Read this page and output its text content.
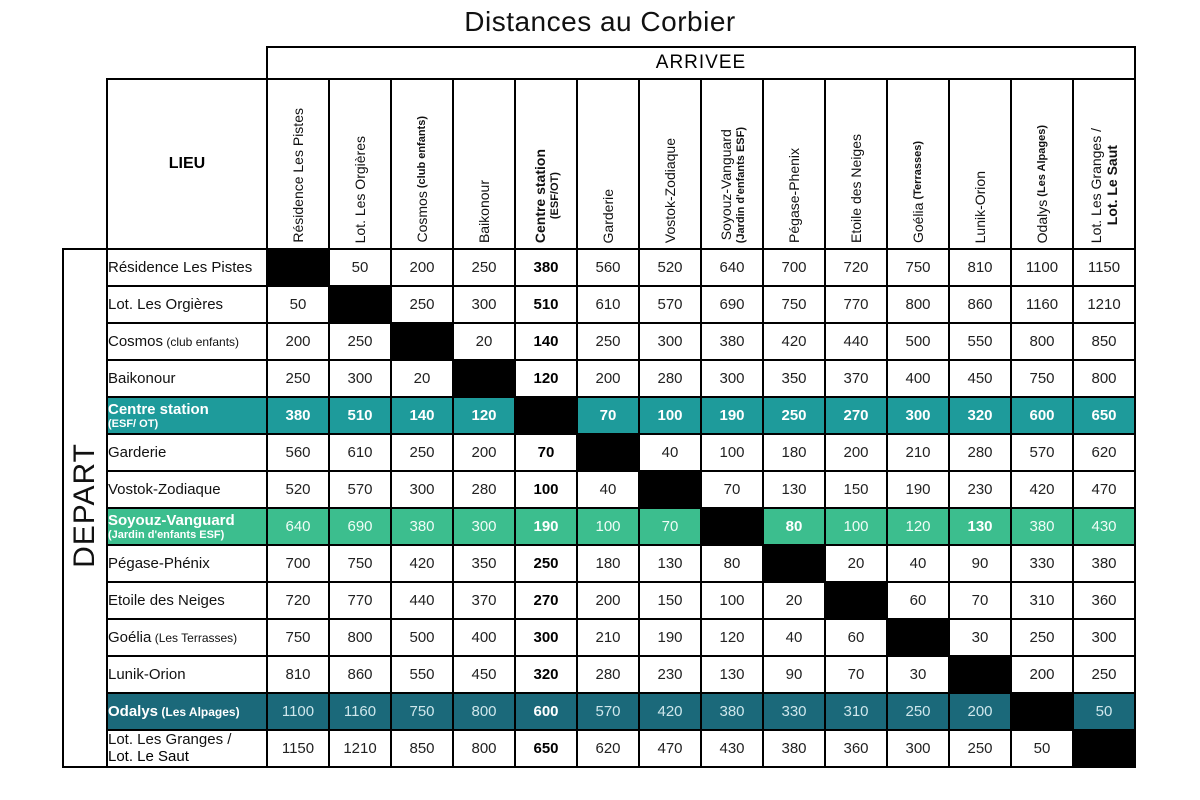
Distances au Corbier
		ARRIVEE													
	LIEU	Résidence Les Pistes	Lot. Les Orgières	Cosmos (club enfants)	Baikonour	Centre station (ESF/OT)	Garderie	Vostok-Zodiaque	Soyouz-Vanguard (Jardin d'enfants ESF)	Pégase-Phenix	Etoile des Neiges	Goélia (Terrasses)	Lunik-Orion	Odalys (Les Alpages)	Lot. Les Granges / Lot. Le Saut

DEPART	Résidence Les Pistes		50	200	250	380	560	520	640	700	720	750	810	1100	1150
	Lot. Les Orgières	50		250	300	510	610	570	690	750	770	800	860	1160	1210
	Cosmos (club enfants)	200	250		20	140	250	300	380	420	440	500	550	800	850
	Baikonour	250	300	20		120	200	280	300	350	370	400	450	750	800
	Centre station
(ESF/ OT)	380	510	140	120		70	100	190	250	270	300	320	600	650
	Garderie	560	610	250	200	70		40	100	180	200	210	280	570	620
	Vostok-Zodiaque	520	570	300	280	100	40		70	130	150	190	230	420	470
	Soyouz-Vanguard
(Jardin d'enfants ESF)	640	690	380	300	190	100	70		80	100	120	130	380	430
	Pégase-Phénix	700	750	420	350	250	180	130	80		20	40	90	330	380
	Etoile des Neiges	720	770	440	370	270	200	150	100	20		60	70	310	360
	Goélia (Les Terrasses)	750	800	500	400	300	210	190	120	40	60		30	250	300
	Lunik-Orion	810	860	550	450	320	280	230	130	90	70	30		200	250
	Odalys (Les Alpages)	1100	1160	750	800	600	570	420	380	330	310	250	200		50
	Lot. Les Granges /
Lot. Le Saut	1150	1210	850	800	650	620	470	430	380	360	300	250	50	
